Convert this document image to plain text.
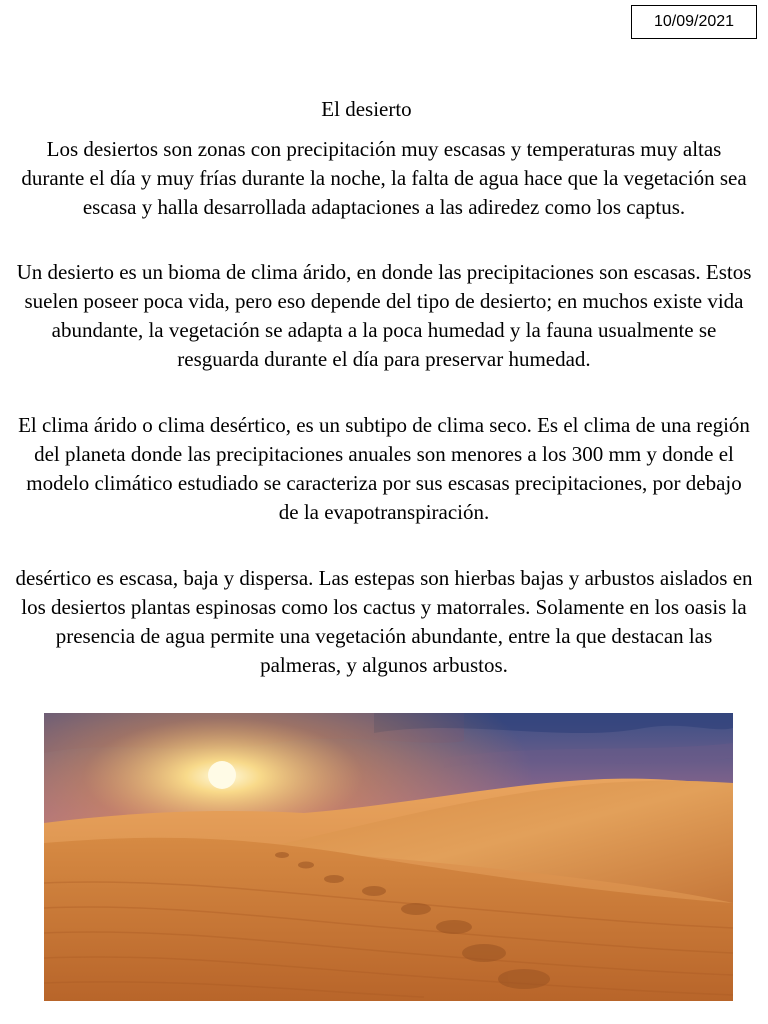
10/09/2021
El desierto

Los desiertos son zonas con precipitación muy escasas y temperaturas muy altas durante el día y muy frías durante la noche, la falta de agua hace que la vegetación sea escasa y halla desarrollada adaptaciones a las adiredez como los captus.

Un desierto es un bioma de clima árido, en donde las precipitaciones son escasas. Estos suelen poseer poca vida, pero eso depende del tipo de desierto; en muchos existe vida abundante, la vegetación se adapta a la poca humedad y la fauna usualmente se resguarda durante el día para preservar humedad.

El clima árido o clima desértico, es un subtipo de clima seco. Es el clima de una región del planeta donde las precipitaciones anuales son menores a los 300 mm y donde el modelo climático estudiado se caracteriza por sus escasas precipitaciones, por debajo de la evapotranspiración.

desértico es escasa, baja y dispersa. Las estepas son hierbas bajas y arbustos aislados en los desiertos plantas espinosas como los cactus y matorrales. Solamente en los oasis la presencia de agua permite una vegetación abundante, entre la que destacan las palmeras, y algunos arbustos.
